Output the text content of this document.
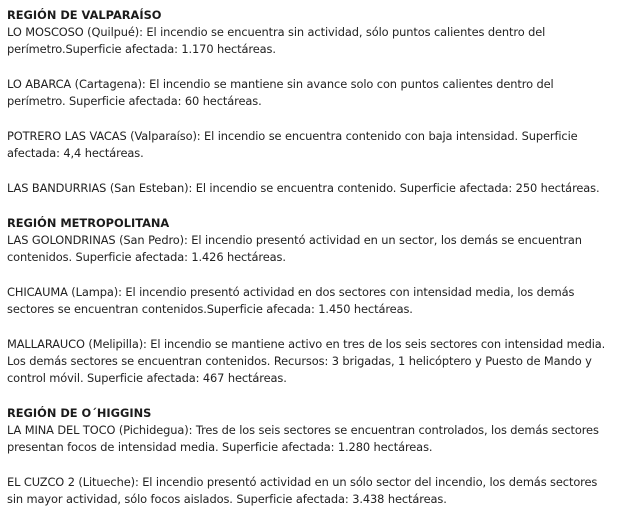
REGIÓN DE VALPARAÍSO

LO MOSCOSO (Quilpué): El incendio se encuentra sin actividad, sólo puntos calientes dentro del perímetro.Superficie afectada: 1.170 hectáreas.

LO ABARCA (Cartagena): El incendio se mantiene sin avance solo con puntos calientes dentro del perímetro. Superficie afectada: 60 hectáreas.

POTRERO LAS VACAS (Valparaíso): El incendio se encuentra contenido con baja intensidad. Superficie afectada: 4,4 hectáreas.

LAS BANDURRIAS (San Esteban): El incendio se encuentra contenido. Superficie afectada: 250 hectáreas.

REGIÓN METROPOLITANA

LAS GOLONDRINAS (San Pedro): El incendio presentó actividad en un sector, los demás se encuentran contenidos. Superficie afectada: 1.426 hectáreas.

CHICAUMA (Lampa): El incendio presentó actividad en dos sectores con intensidad media, los demás sectores se encuentran contenidos.Superficie afecada: 1.450 hectáreas.

MALLARAUCO (Melipilla): El incendio se mantiene activo en tres de los seis sectores con intensidad media. Los demás sectores se encuentran contenidos. Recursos: 3 brigadas, 1 helicóptero y Puesto de Mando y control móvil. Superficie afectada: 467 hectáreas.

REGIÓN DE O´HIGGINS

LA MINA DEL TOCO (Pichidegua): Tres de los seis sectores se encuentran controlados, los demás sectores presentan focos de intensidad media. Superficie afectada: 1.280 hectáreas.

EL CUZCO 2 (Litueche): El incendio presentó actividad en un sólo sector del incendio, los demás sectores sin mayor actividad, sólo focos aislados. Superficie afectada: 3.438 hectáreas.
